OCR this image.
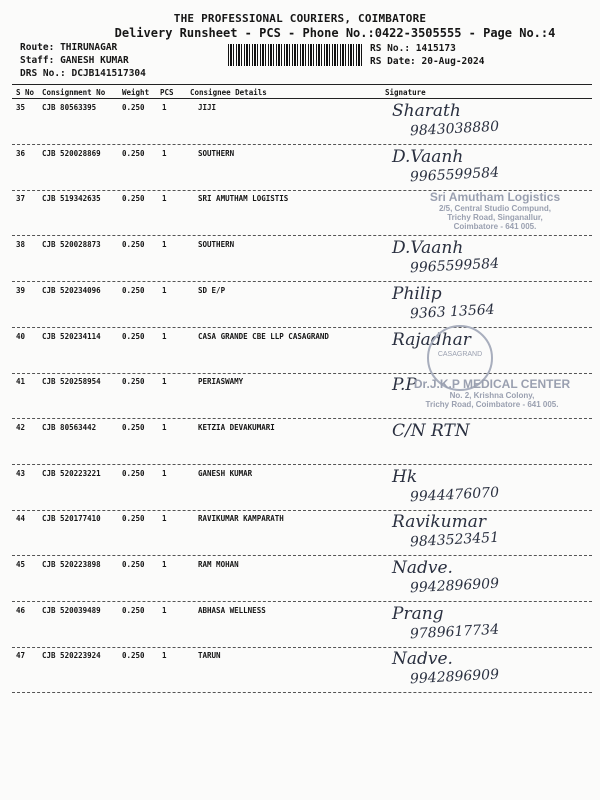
THE PROFESSIONAL COURIERS, COIMBATORE
Delivery Runsheet - PCS - Phone No.:0422-3505555 - Page No.:4
Route: THIRUNAGAR
Staff: GANESH KUMAR
DRS No.: DCJB141517304
RS No.: 1415173
RS Date: 20-Aug-2024
S No Consignment No Weight PCS Consignee Details	Signature
35 CJB 80563395	0.250 1	JIJI	Sharath
9843038880
36 CJB 520028869	0.250 1	SOUTHERN	D.Vaanh
9965599584
37 CJB 519342635	0.250 1	SRI AMUTHAM LOGISTIS
38 CJB 520028873	0.250 1	SOUTHERN	D.Vaanh
9965599584
39 CJB 520234096	0.250 1	SD E/P	Philip
9363 13564
40 CJB 520234114	0.250 1	CASA GRANDE CBE LLP CASAGRAND	Rajadhar
41 CJB 520258954	0.250 1	PERIASWAMY	P.P
42 CJB 80563442	0.250 1	KETZIA DEVAKUMARI	C/N RTN
43 CJB 520223221	0.250 1	GANESH KUMAR	Hk
9944476070
44 CJB 520177410	0.250 1	RAVIKUMAR KAMPARATH	Ravikumar
9843523451
45 CJB 520223898	0.250 1	RAM MOHAN	Nadve.
9942896909
46 CJB 520039489	0.250 1	ABHASA WELLNESS	Prang
9789617734
47 CJB 520223924	0.250 1	TARUN	Nadve.
9942896909
Sri Amutham Logistics
2/5, Central Studio Compund,
Trichy Road, Singanallur,
Coimbatore - 641 005.
CASAGRAND
Dr.J.K.P MEDICAL CENTER
No. 2, Krishna Colony,
Trichy Road, Coimbatore - 641 005.
